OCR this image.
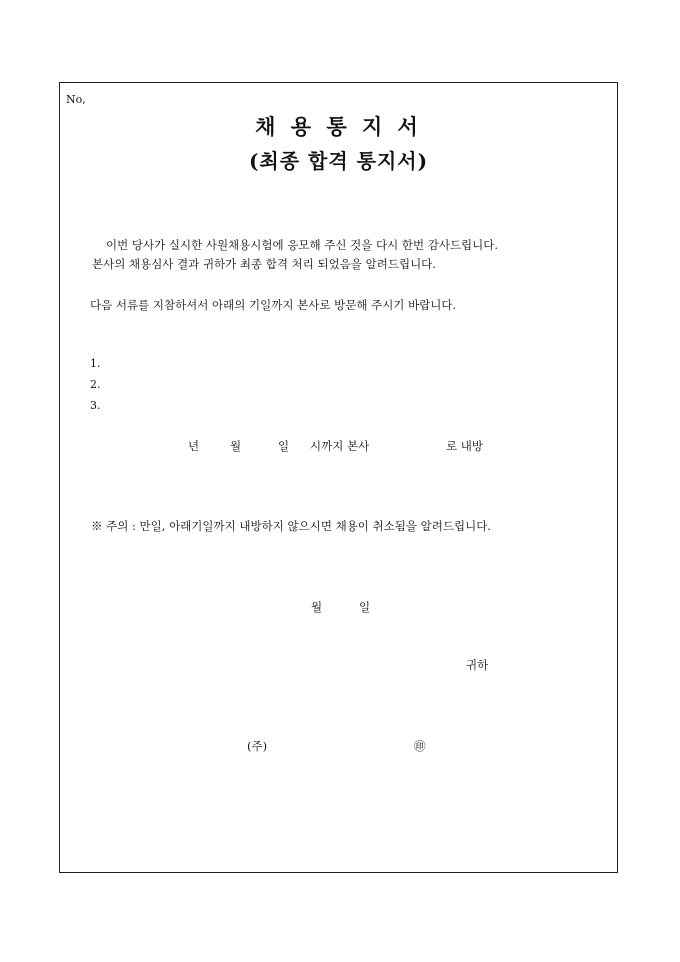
No,
채 용 통 지 서
(최종 합격 통지서)
이번 당사가 실시한 사원채용시험에 응모해 주신 것을 다시 한번 감사드립니다.
본사의 채용심사 결과 귀하가 최종 합격 처리 되었음을 알려드립니다.
다음 서류를 지참하셔서 아래의 기일까지 본사로 방문해 주시기 바랍니다.
1.
2.
3.
년	월	일 시까지 본사	로 내방
※ 주의 : 만일, 아래기일까지 내방하지 않으시면 채용이 취소됨을 알려드립니다.
월	일
귀하
(주)	㊞
